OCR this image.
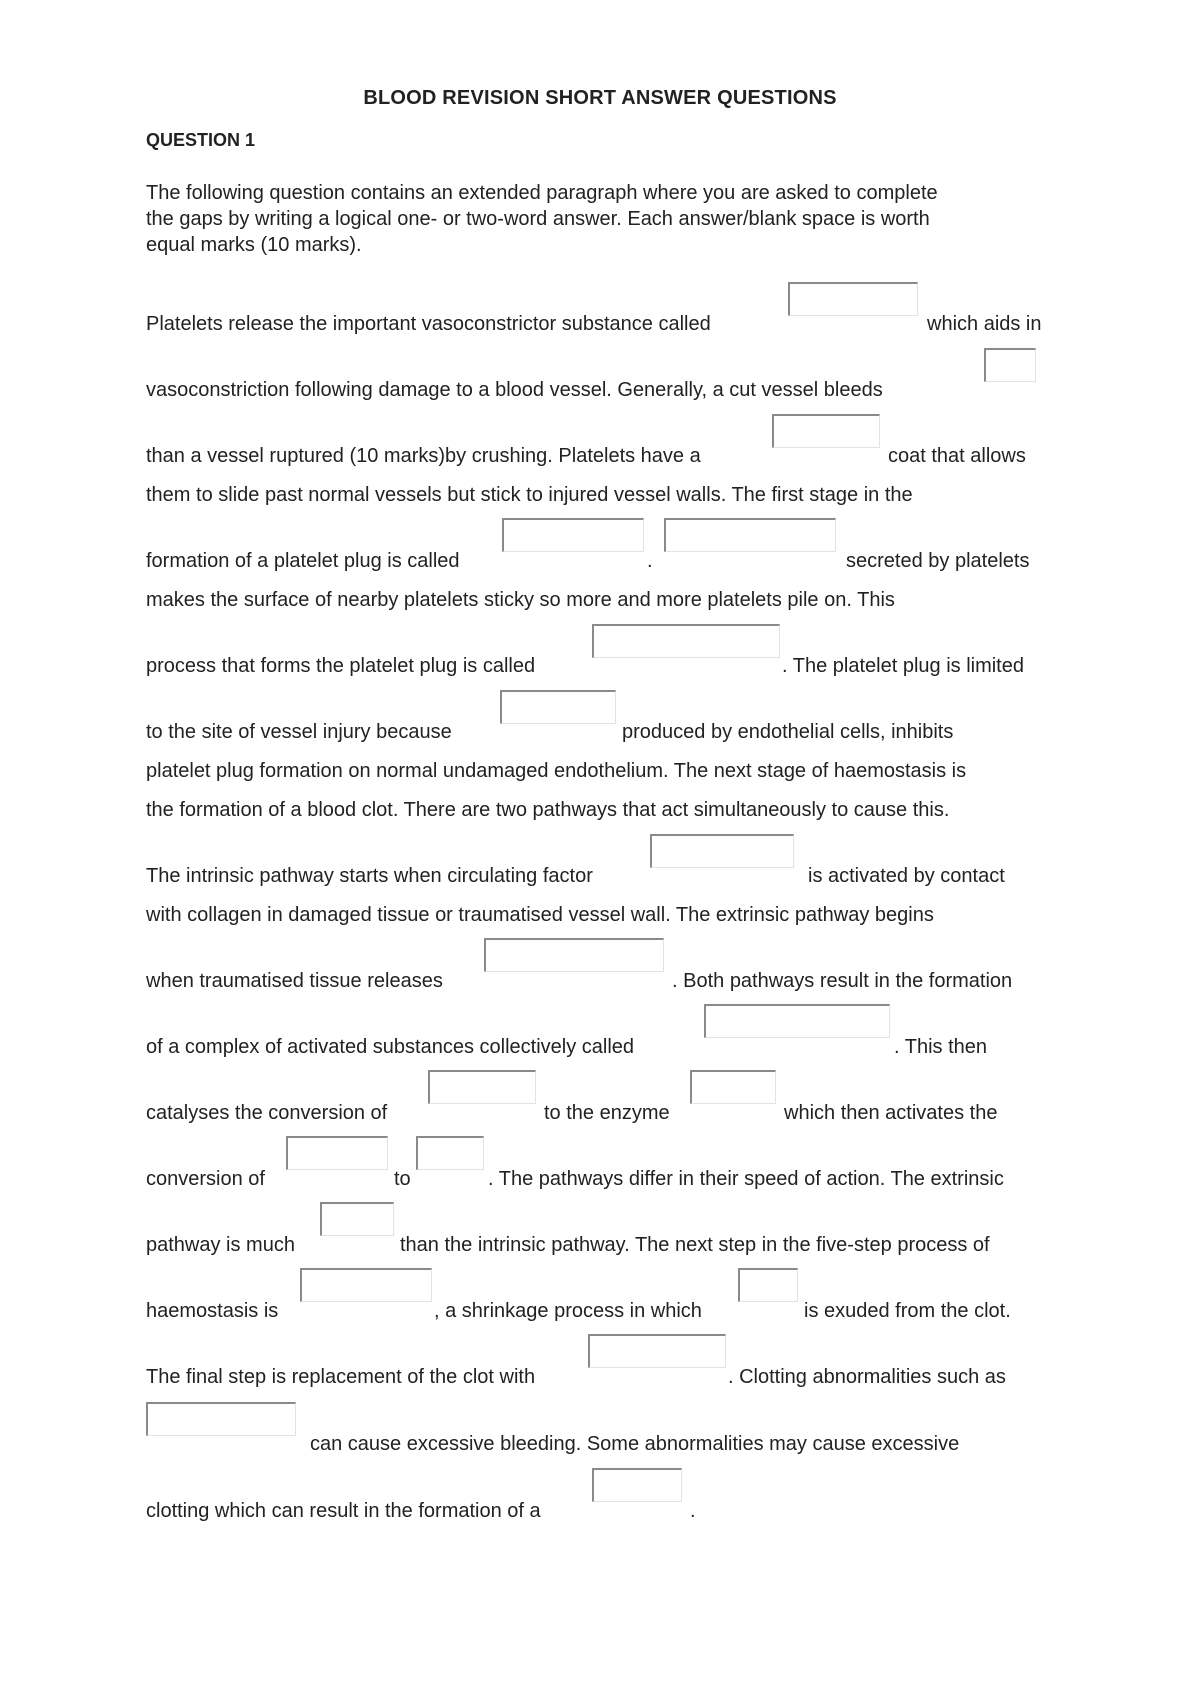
BLOOD REVISION SHORT ANSWER QUESTIONS
QUESTION 1
The following question contains an extended paragraph where you are asked to complete
the gaps by writing a logical one- or two-word answer. Each answer/blank space is worth
equal marks (10 marks).
Platelets release the important vasoconstrictor substance called	which aids in
vasoconstriction following damage to a blood vessel. Generally, a cut vessel bleeds
than a vessel ruptured (10 marks)by crushing. Platelets have a	coat that allows
them to slide past normal vessels but stick to injured vessel walls. The first stage in the
formation of a platelet plug is called	.	secreted by platelets
makes the surface of nearby platelets sticky so more and more platelets pile on. This
process that forms the platelet plug is called	. The platelet plug is limited
to the site of vessel injury because	produced by endothelial cells, inhibits
platelet plug formation on normal undamaged endothelium. The next stage of haemostasis is
the formation of a blood clot. There are two pathways that act simultaneously to cause this.
The intrinsic pathway starts when circulating factor	is activated by contact
with collagen in damaged tissue or traumatised vessel wall. The extrinsic pathway begins
when traumatised tissue releases	. Both pathways result in the formation
of a complex of activated substances collectively called	. This then
catalyses the conversion of	to the enzyme	which then activates the
conversion of	to	. The pathways differ in their speed of action. The extrinsic
pathway is much	than the intrinsic pathway. The next step in the five-step process of
haemostasis is	, a shrinkage process in which	is exuded from the clot.
The final step is replacement of the clot with	. Clotting abnormalities such as
can cause excessive bleeding. Some abnormalities may cause excessive
clotting which can result in the formation of a	.
